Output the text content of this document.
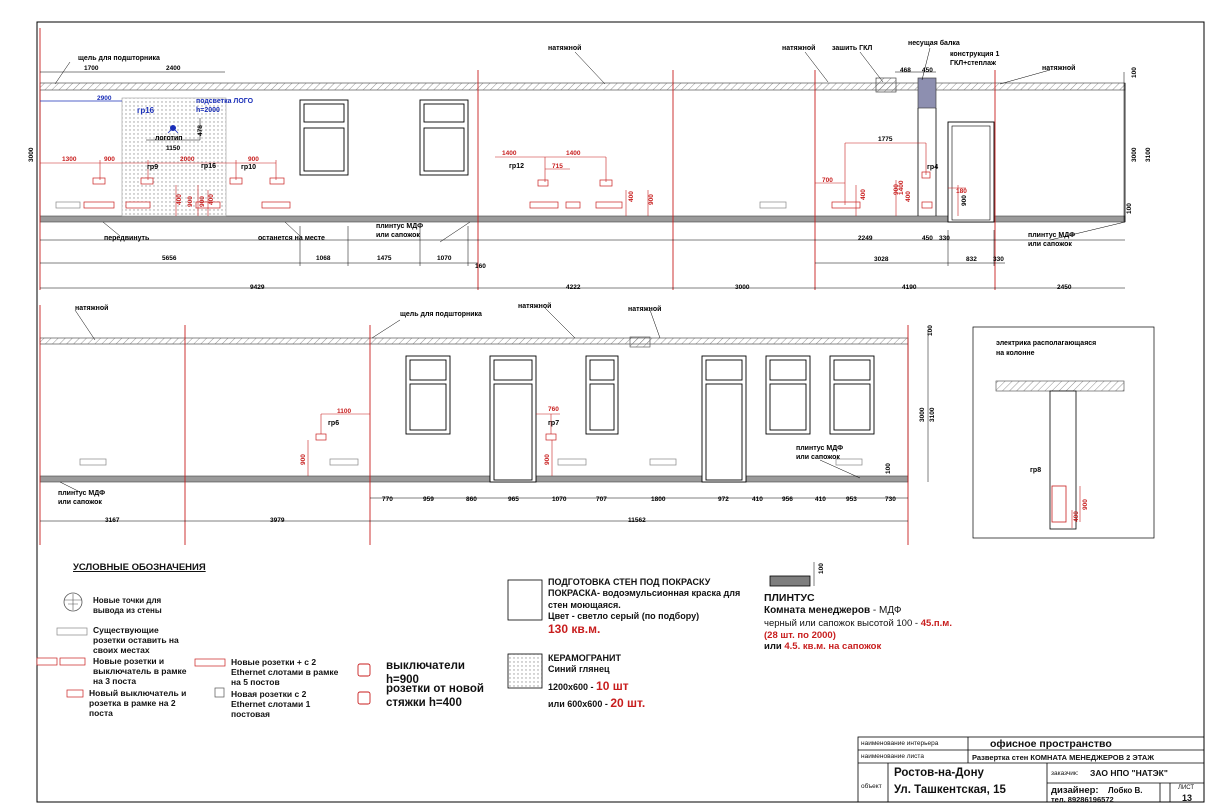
щель для подшторника
натяжной	натяжной зашить ГКЛ
несущая балка
конструкция 1
ГКЛ+степлаж
натяжной
подсветка ЛОГО
h=2000
логотип
передвинуть	останется на месте
плинтус МДФ
или сапожок	плинтус МДФ
или сапожок
гр16
гр9	гр16	гр10	гр12	гр4
1700	2400	468 450
2900
1150
478
1300	900	2000	900
1400	1400
715
1775
700
180
1400
400
400 900
900 400	400 900	400	900
900
5656	1068	1475	1070
160
2249	450 330
3028	832 330
9429	4222	3000	4190	2450
100
3000 3100
100
3000
натяжной
щель для подшторника
натяжной	натяжной
плинтус МДФ
или сапожок
плинтус МДФ
или сапожок
гр6	гр7
1100	760
900	900
770	959	860	965	1070	707	1800	972	410	956	410	953	730
3167	3979	11562
100
3000 3100
100
электрика располагающаяся
на колонне
гр8
900
400
100
УСЛОВНЫЕ ОБОЗНАЧЕНИЯ
Новые точки для вывода из стены
Существующие розетки оставить на своих местах
Новые розетки и выключатель в рамке на 3 поста
Новый выключатель и розетка в рамке на 2 поста
Новые розетки + с 2 Ethernet слотами в рамке на 5 постов
Новая розетки с 2 Ethernet слотами 1 постовая
выключатели h=900
розетки от новой стяжки h=400
ПОДГОТОВКА СТЕН ПОД ПОКРАСКУ
ПОКРАСКА- водоэмульсионная краска для стен моющаяся.
Цвет - светло серый (по подбору)
130 кв.м.
КЕРАМОГРАНИТ
Синий глянец
1200x600 - 10 шт
или 600x600 - 20 шт.
ПЛИНТУС
Комната менеджеров - МДФ
черный или сапожок высотой 100 - 45.п.м.
(28 шт. по 2000)
или 4.5. кв.м. на сапожок
наименование интерьера	офисное пространство
наименование листа	Развертка стен КОМНАТА МЕНЕДЖЕРОВ 2 ЭТАЖ
объект
Ростов-на-Дону
Ул. Ташкентская, 15
заказчик: ЗАО НПО "НАТЭК"
дизайнер: Лобко В.
тел. 89286196572
ЛИСТ
13
